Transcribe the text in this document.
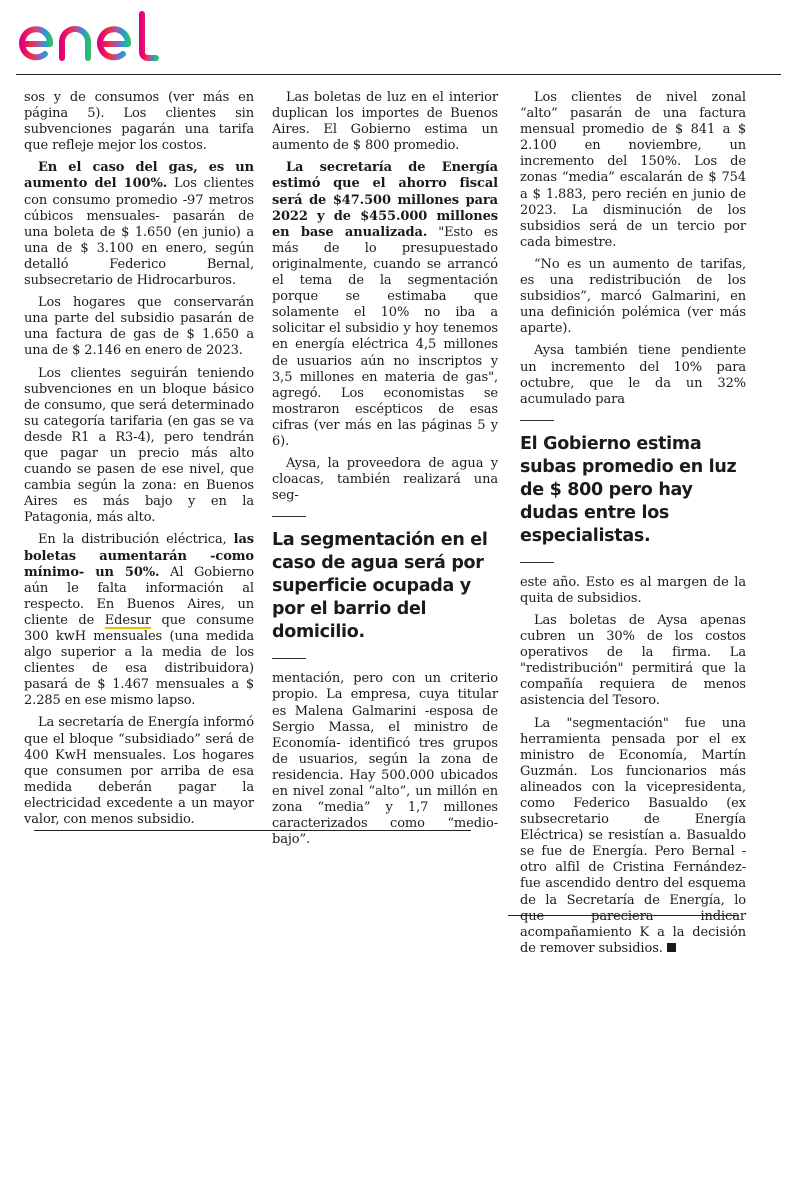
sos y de consumos (ver más en página 5). Los clientes sin subvenciones pagarán una tarifa que refleje mejor los costos.

En el caso del gas, es un aumento del 100%. Los clientes con consumo promedio -97 metros cúbicos mensuales- pasarán de una boleta de $ 1.650 (en junio) a una de $ 3.100 en enero, según detalló Federico Bernal, subsecretario de Hidrocarburos.

Los hogares que conservarán una parte del subsidio pasarán de una factura de gas de $ 1.650 a una de $ 2.146 en enero de 2023.

Los clientes seguirán teniendo subvenciones en un bloque básico de consumo, que será determinado su categoría tarifaria (en gas se va desde R1 a R3-4), pero tendrán que pagar un precio más alto cuando se pasen de ese nivel, que cambia según la zona: en Buenos Aires es más bajo y en la Patagonia, más alto.

En la distribución eléctrica, las boletas aumentarán -como mínimo- un 50%. Al Gobierno aún le falta información al respecto. En Buenos Aires, un cliente de Edesur que consume 300 kwH mensuales (una medida algo superior a la media de los clientes de esa distribuidora) pasará de $ 1.467 mensuales a $ 2.285 en ese mismo lapso.

La secretaría de Energía informó que el bloque “subsidiado” será de 400 KwH mensuales. Los hogares que consumen por arriba de esa medida deberán pagar la electricidad excedente a un mayor valor, con menos subsidio.

Las boletas de luz en el interior duplican los importes de Buenos Aires. El Gobierno estima un aumento de $ 800 promedio.

La secretaría de Energía estimó que el ahorro fiscal será de $47.500 millones para 2022 y de $455.000 millones en base anualizada. "Esto es más de lo presupuestado originalmente, cuando se arrancó el tema de la segmentación porque se estimaba que solamente el 10% no iba a solicitar el subsidio y hoy tenemos en energía eléctrica 4,5 millones de usuarios aún no inscriptos y 3,5 millones en materia de gas", agregó. Los economistas se mostraron escépticos de esas cifras (ver más en las páginas 5 y 6).

Aysa, la proveedora de agua y cloacas, también realizará una seg-

La segmentación en el caso de agua será por superficie ocupada y por el barrio del domicilio.

mentación, pero con un criterio propio. La empresa, cuya titular es Malena Galmarini -esposa de Sergio Massa, el ministro de Economía- identificó tres grupos de usuarios, según la zona de residencia. Hay 500.000 ubicados en nivel zonal “alto”, un millón en zona “media” y 1,7 millones caracterizados como “medio-bajo”.

Los clientes de nivel zonal “alto” pasarán de una factura mensual promedio de $ 841 a $ 2.100 en noviembre, un incremento del 150%. Los de zonas “media” escalarán de $ 754 a $ 1.883, pero recién en junio de 2023. La disminución de los subsidios será de un tercio por cada bimestre.

“No es un aumento de tarifas, es una redistribución de los subsidios”, marcó Galmarini, en una definición polémica (ver más aparte).

Aysa también tiene pendiente un incremento del 10% para octubre, que le da un 32% acumulado para

El Gobierno estima subas promedio en luz de $ 800 pero hay dudas entre los especialistas.

este año. Esto es al margen de la quita de subsidios.

Las boletas de Aysa apenas cubren un 30% de los costos operativos de la firma. La "redistribución" permitirá que la compañía requiera de menos asistencia del Tesoro.

La "segmentación" fue una herramienta pensada por el ex ministro de Economía, Martín Guzmán. Los funcionarios más alineados con la vicepresidenta, como Federico Basualdo (ex subsecretario de Energía Eléctrica) se resistían a. Basualdo se fue de Energía. Pero Bernal -otro alfil de Cristina Fernández- fue ascendido dentro del esquema de la Secretaría de Energía, lo que pareciera indicar acompañamiento K a la decisión de remover subsidios.
